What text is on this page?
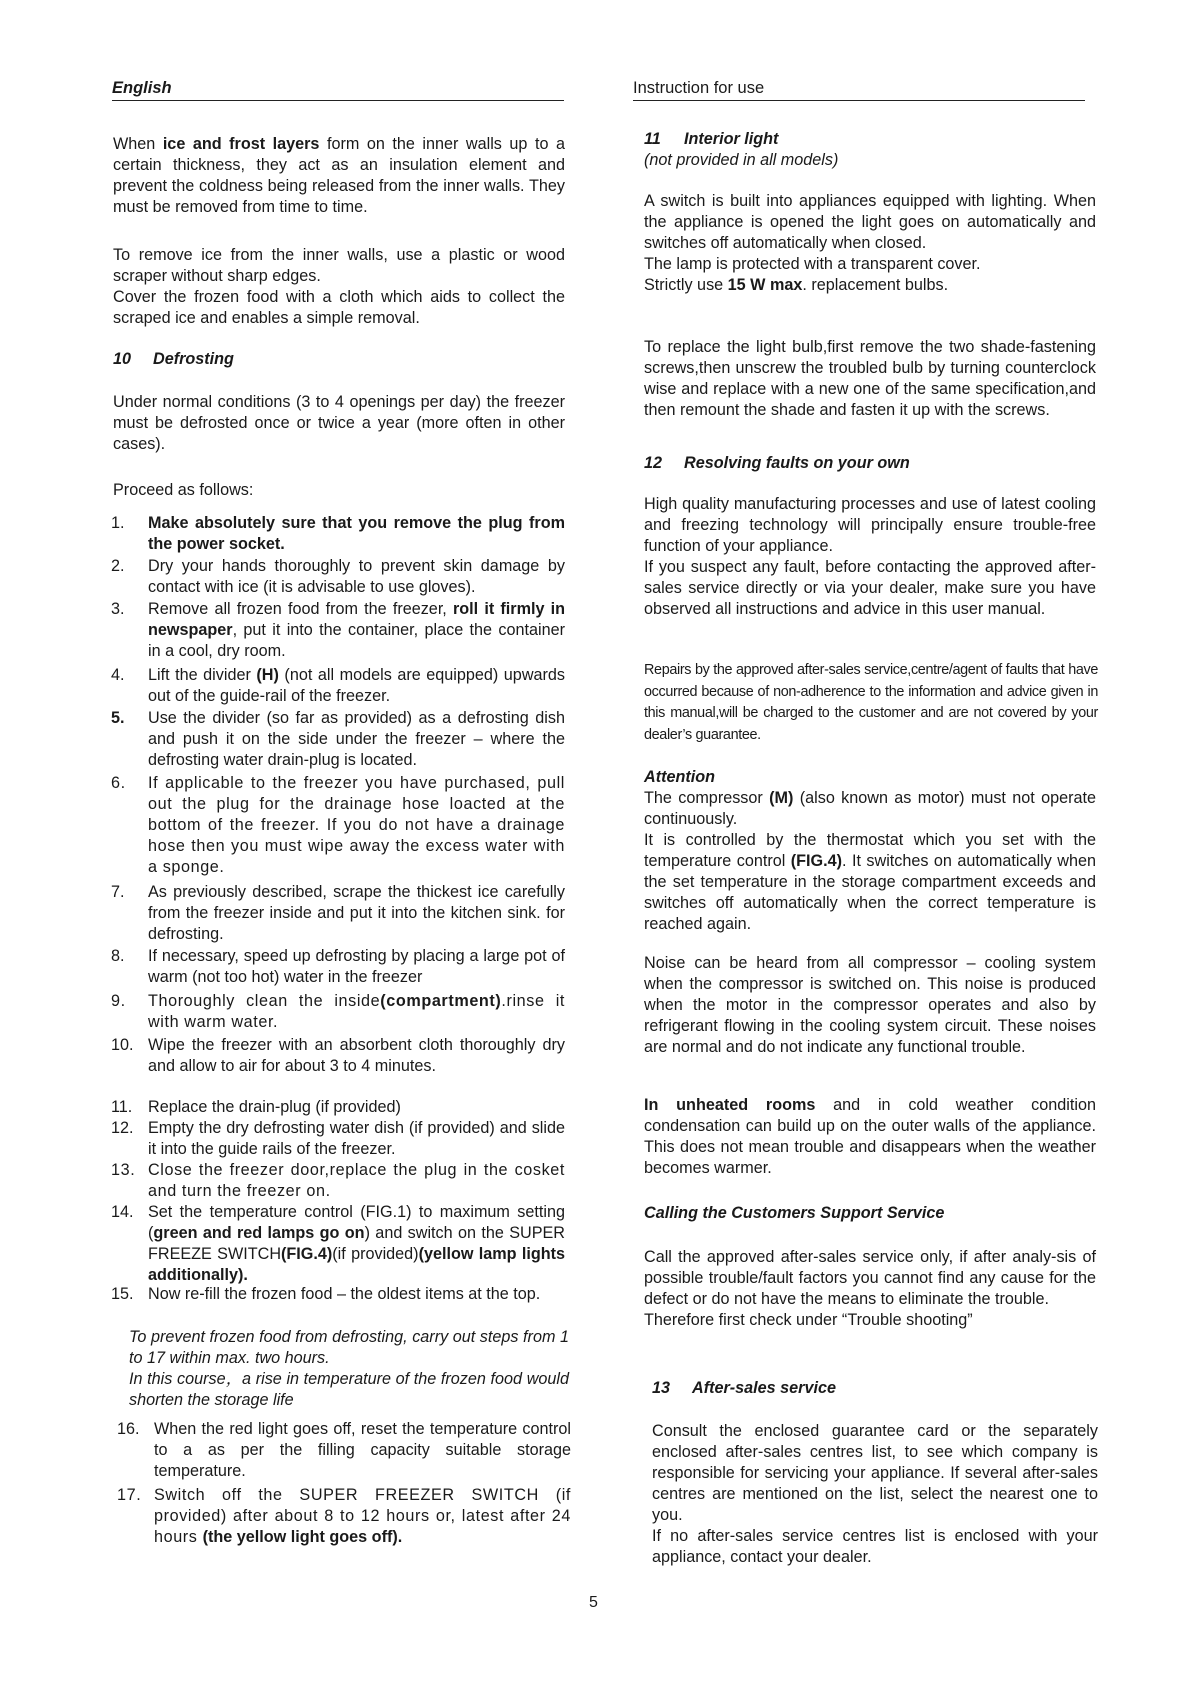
English	Instruction for use

When ice and frost layers form on the inner walls up to a certain thickness, they act as an insulation element and prevent the coldness being released from the inner walls. They must be removed from time to time.

To remove ice from the inner walls, use a plastic or wood scraper without sharp edges.

Cover the frozen food with a cloth which aids to collect the scraped ice and enables a simple removal.

10 Defrosting

Under normal conditions (3 to 4 openings per day) the freezer must be defrosted once or twice a year (more often in other cases).

Proceed as follows:

1. Make absolutely sure that you remove the plug from the power socket.
2. Dry your hands thoroughly to prevent skin damage by contact with ice (it is advisable to use gloves).
3. Remove all frozen food from the freezer, roll it firmly in newspaper, put it into the container, place the container in a cool, dry room.
4. Lift the divider (H) (not all models are equipped) upwards out of the guide-rail of the freezer.
5. Use the divider (so far as provided) as a defrosting dish and push it on the side under the freezer – where the defrosting water drain-plug is located.
6. If applicable to the freezer you have purchased, pull out the plug for the drainage hose loacted at the bottom of the freezer. If you do not have a drainage hose then you must wipe away the excess water with a sponge.
7. As previously described, scrape the thickest ice carefully from the freezer inside and put it into the kitchen sink. for defrosting.
8. If necessary, speed up defrosting by placing a large pot of warm (not too hot) water in the freezer
9. Thoroughly clean the inside(compartment).rinse it with warm water.
10. Wipe the freezer with an absorbent cloth thoroughly dry and allow to air for about 3 to 4 minutes.
11. Replace the drain-plug (if provided)
12. Empty the dry defrosting water dish (if provided) and slide it into the guide rails of the freezer.
13. Close the freezer door,replace the plug in the cosket and turn the freezer on.
14. Set the temperature control (FIG.1) to maximum setting (green and red lamps go on) and switch on the SUPER FREEZE SWITCH(FIG.4)(if provided)(yellow lamp lights additionally).
15. Now re-fill the frozen food – the oldest items at the top.

To prevent frozen food from defrosting, carry out steps from 1 to 17 within max. two hours.

In this course，a rise in temperature of the frozen food would shorten the storage life

16. When the red light goes off, reset the temperature control to a as per the filling capacity suitable storage temperature.
17. Switch off the SUPER FREEZER SWITCH (if provided) after about 8 to 12 hours or, latest after 24 hours (the yellow light goes off).
11 Interior light

(not provided in all models)

A switch is built into appliances equipped with lighting. When the appliance is opened the light goes on automatically and switches off automatically when closed.
The lamp is protected with a transparent cover.
Strictly use 15 W max. replacement bulbs.

To replace the light bulb,first remove the two shade-fastening screws,then unscrew the troubled bulb by turning counterclock wise and replace with a new one of the same specification,and then remount the shade and fasten it up with the screws.

12 Resolving faults on your own

High quality manufacturing processes and use of latest cooling and freezing technology will principally ensure trouble-free function of your appliance.
If you suspect any fault, before contacting the approved after-sales service directly or via your dealer, make sure you have observed all instructions and advice in this user manual.

Repairs by the approved after-sales service,centre/agent of faults that have occurred because of non-adherence to the information and advice given in this manual,will be charged to the customer and are not covered by your dealer’s guarantee.

Attention

The compressor (M) (also known as motor) must not operate continuously.
It is controlled by the thermostat which you set with the temperature control (FIG.4). It switches on automatically when the set temperature in the storage compartment exceeds and switches off automatically when the correct temperature is reached again.

Noise can be heard from all compressor – cooling system when the compressor is switched on. This noise is produced when the motor in the compressor operates and also by refrigerant flowing in the cooling system circuit. These noises are normal and do not indicate any functional trouble.

In unheated rooms and in cold weather condition condensation can build up on the outer walls of the appliance. This does not mean trouble and disappears when the weather becomes warmer.

Calling the Customers Support Service

Call the approved after-sales service only, if after analy-sis of possible trouble/fault factors you cannot find any cause for the defect or do not have the means to eliminate the trouble.
Therefore first check under “Trouble shooting”

13 After-sales service

Consult the enclosed guarantee card or the separately enclosed after-sales centres list, to see which company is responsible for servicing your appliance. If several after-sales centres are mentioned on the list, select the nearest one to you.
If no after-sales service centres list is enclosed with your appliance, contact your dealer.

5
